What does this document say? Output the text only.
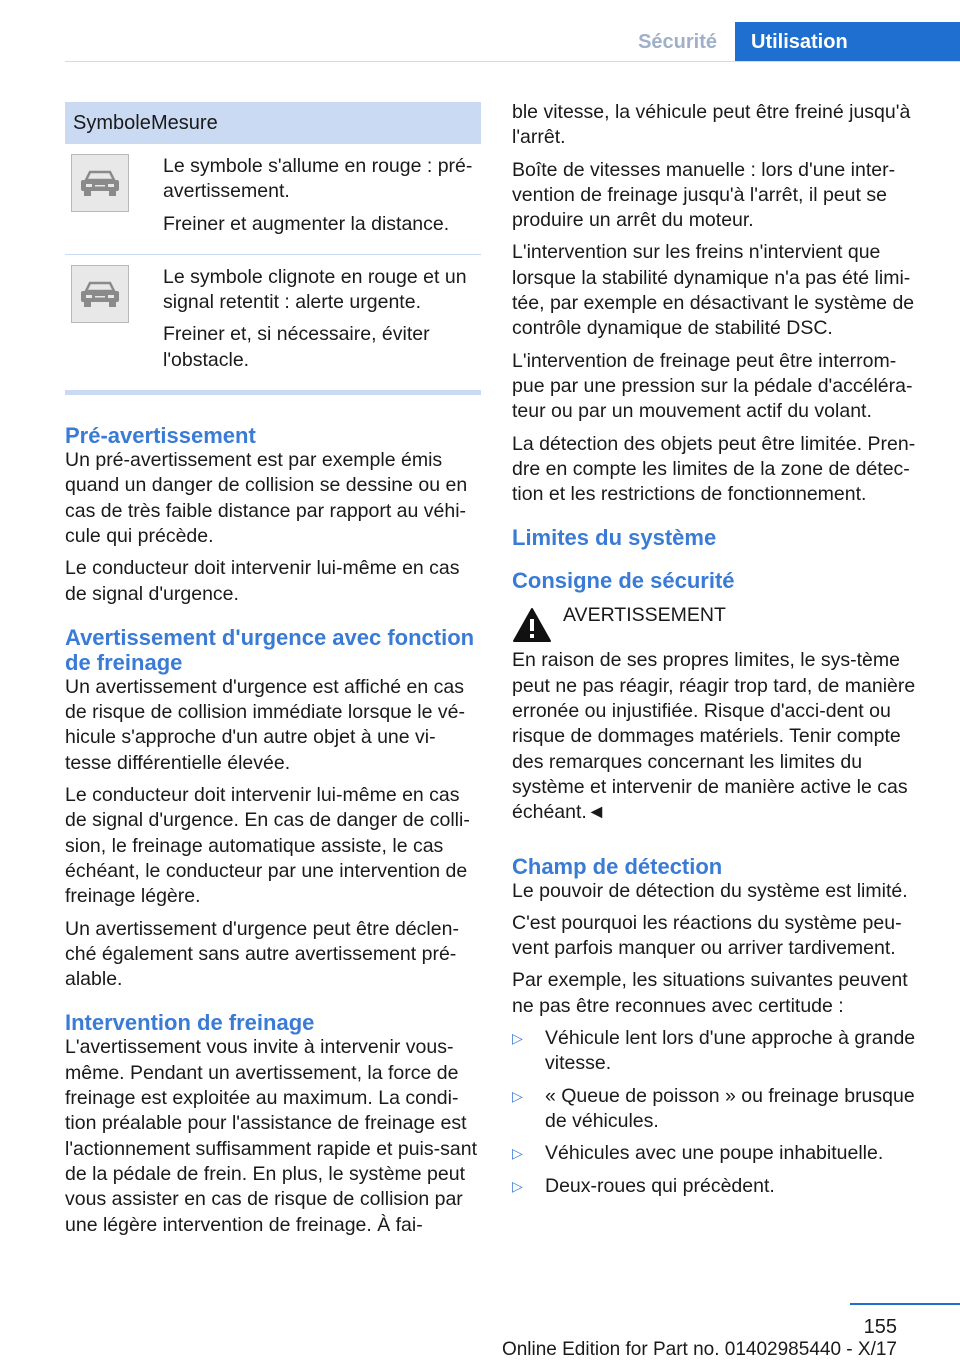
Sécurité	Utilisation
Symbole Mesure

Le symbole s'allume en rouge : pré-avertissement.

Freiner et augmenter la distance.

Le symbole clignote en rouge et un signal retentit : alerte urgente.

Freiner et, si nécessaire, éviter l'obstacle.

Pré-avertissement

Un pré-avertissement est par exemple émis quand un danger de collision se dessine ou en cas de très faible distance par rapport au véhi-cule qui précède.

Le conducteur doit intervenir lui-même en cas de signal d'urgence.

Avertissement d'urgence avec fonction de freinage

Un avertissement d'urgence est affiché en cas de risque de collision immédiate lorsque le vé-hicule s'approche d'un autre objet à une vi-tesse différentielle élevée.

Le conducteur doit intervenir lui-même en cas de signal d'urgence. En cas de danger de colli-sion, le freinage automatique assiste, le cas échéant, le conducteur par une intervention de freinage légère.

Un avertissement d'urgence peut être déclen-ché également sans autre avertissement pré-alable.

Intervention de freinage

L'avertissement vous invite à intervenir vous-même. Pendant un avertissement, la force de freinage est exploitée au maximum. La condi-tion préalable pour l'assistance de freinage est l'actionnement suffisamment rapide et puis-sant de la pédale de frein. En plus, le système peut vous assister en cas de risque de collision par une légère intervention de freinage. À fai-

ble vitesse, la véhicule peut être freiné jusqu'à l'arrêt.

Boîte de vitesses manuelle : lors d'une inter-vention de freinage jusqu'à l'arrêt, il peut se produire un arrêt du moteur.

L'intervention sur les freins n'intervient que lorsque la stabilité dynamique n'a pas été limi-tée, par exemple en désactivant le système de contrôle dynamique de stabilité DSC.

L'intervention de freinage peut être interrom-pue par une pression sur la pédale d'accéléra-teur ou par un mouvement actif du volant.

La détection des objets peut être limitée. Pren-dre en compte les limites de la zone de détec-tion et les restrictions de fonctionnement.

Limites du système
Consigne de sécurité

AVERTISSEMENT

En raison de ses propres limites, le sys-tème peut ne pas réagir, réagir trop tard, de manière erronée ou injustifiée. Risque d'acci-dent ou risque de dommages matériels. Tenir compte des remarques concernant les limites du système et intervenir de manière active le cas échéant.◄

Champ de détection

Le pouvoir de détection du système est limité.

C'est pourquoi les réactions du système peu-vent parfois manquer ou arriver tardivement.

Par exemple, les situations suivantes peuvent ne pas être reconnues avec certitude :

▷	Véhicule lent lors d'une approche à grande vitesse.
▷	« Queue de poisson » ou freinage brusque de véhicules.
▷	Véhicules avec une poupe inhabituelle.
▷	Deux-roues qui précèdent.
155
Online Edition for Part no. 01402985440 - X/17
